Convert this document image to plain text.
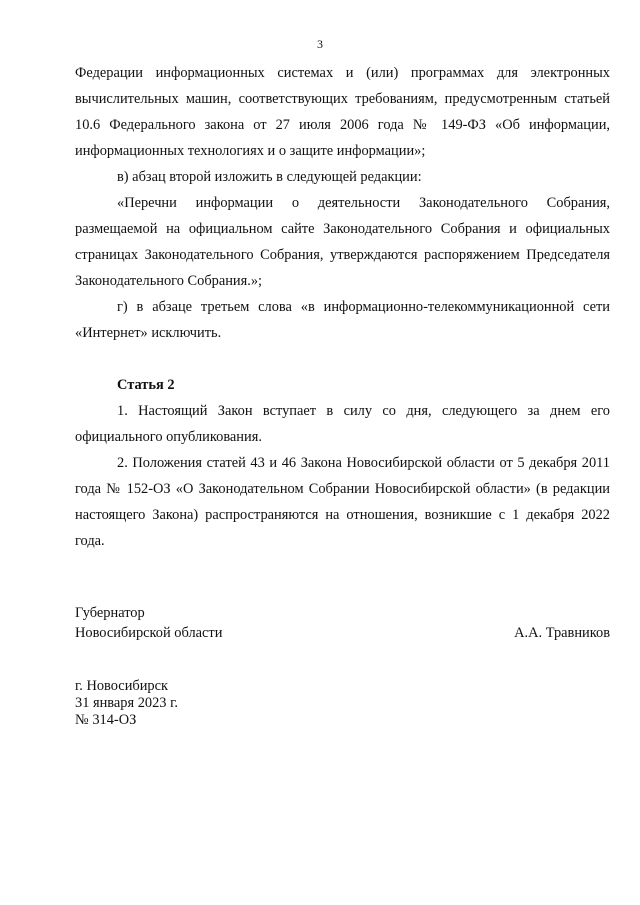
3

Федерации информационных системах и (или) программах для электронных вычислительных машин, соответствующих требованиям, предусмотренным статьей 10.6 Федерального закона от 27 июля 2006 года № 149-ФЗ «Об информации, информационных технологиях и о защите информации»;

в) абзац второй изложить в следующей редакции:

«Перечни информации о деятельности Законодательного Собрания, размещаемой на официальном сайте Законодательного Собрания и официальных страницах Законодательного Собрания, утверждаются распоряжением Председателя Законодательного Собрания.»;

г) в абзаце третьем слова «в информационно-телекоммуникационной сети «Интернет» исключить.

Статья 2

1. Настоящий Закон вступает в силу со дня, следующего за днем его официального опубликования.

2. Положения статей 43 и 46 Закона Новосибирской области от 5 декабря 2011 года № 152-ОЗ «О Законодательном Собрании Новосибирской области» (в редакции настоящего Закона) распространяются на отношения, возникшие с 1 декабря 2022 года.

Губернатор
Новосибирской области	А.А. Травников
г. Новосибирск
31 января 2023 г.
№ 314-ОЗ
